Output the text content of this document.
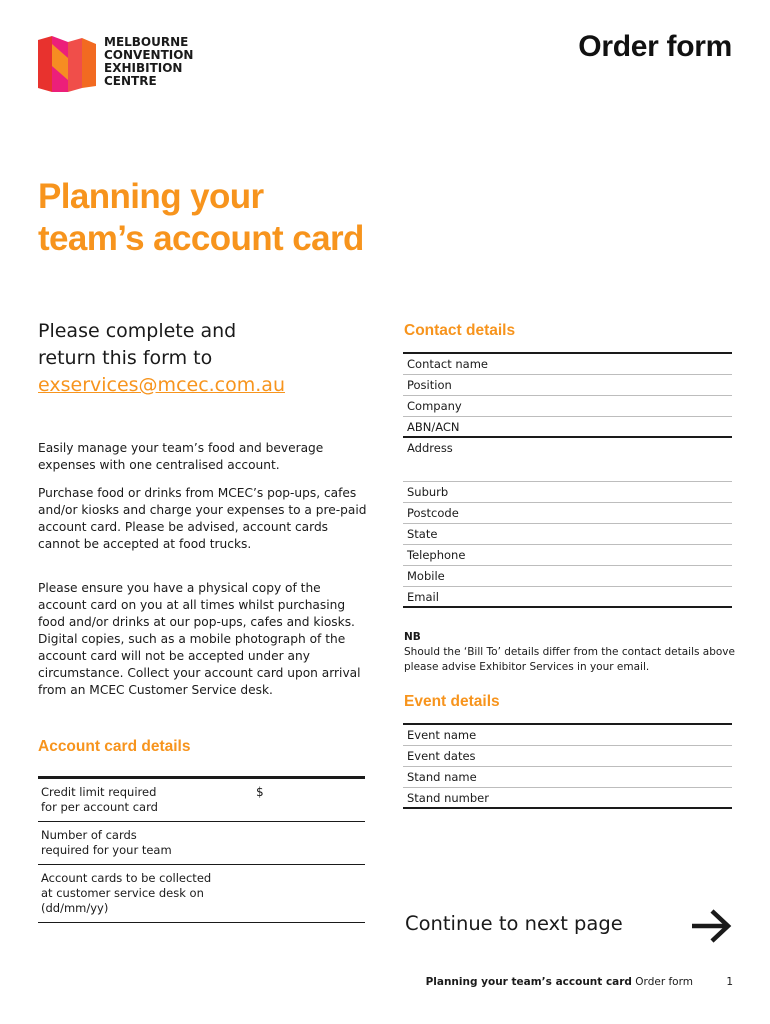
MELBOURNE
CONVENTION
EXHIBITION
CENTRE
Order form
Planning your
team’s account card
Please complete and
return this form to
exservices@mcec.com.au
Easily manage your team’s food and beverage expenses with one centralised account.
Purchase food or drinks from MCEC’s pop-ups, cafes and/or kiosks and charge your expenses to a pre-paid account card. Please be advised, account cards cannot be accepted at food trucks.
Please ensure you have a physical copy of the account card on you at all times whilst purchasing food and/or drinks at our pop-ups, cafes and kiosks. Digital copies, such as a mobile photograph of the account card will not be accepted under any circumstance. Collect your account card upon arrival from an MCEC Customer Service desk.
Account card details
Credit limit required
for per account card
$
Number of cards
required for your team
Account cards to be collected
at customer service desk on
(dd/mm/yy)
Contact details
Contact name
Position
Company
ABN/ACN
Address
Suburb
Postcode
State
Telephone
Mobile
Email
NB
Should the ‘Bill To’ details differ from the contact details above please advise Exhibitor Services in your email.
Event details
Event name
Event dates
Stand name
Stand number
Continue to next page
Planning your team’s account card Order form	1
